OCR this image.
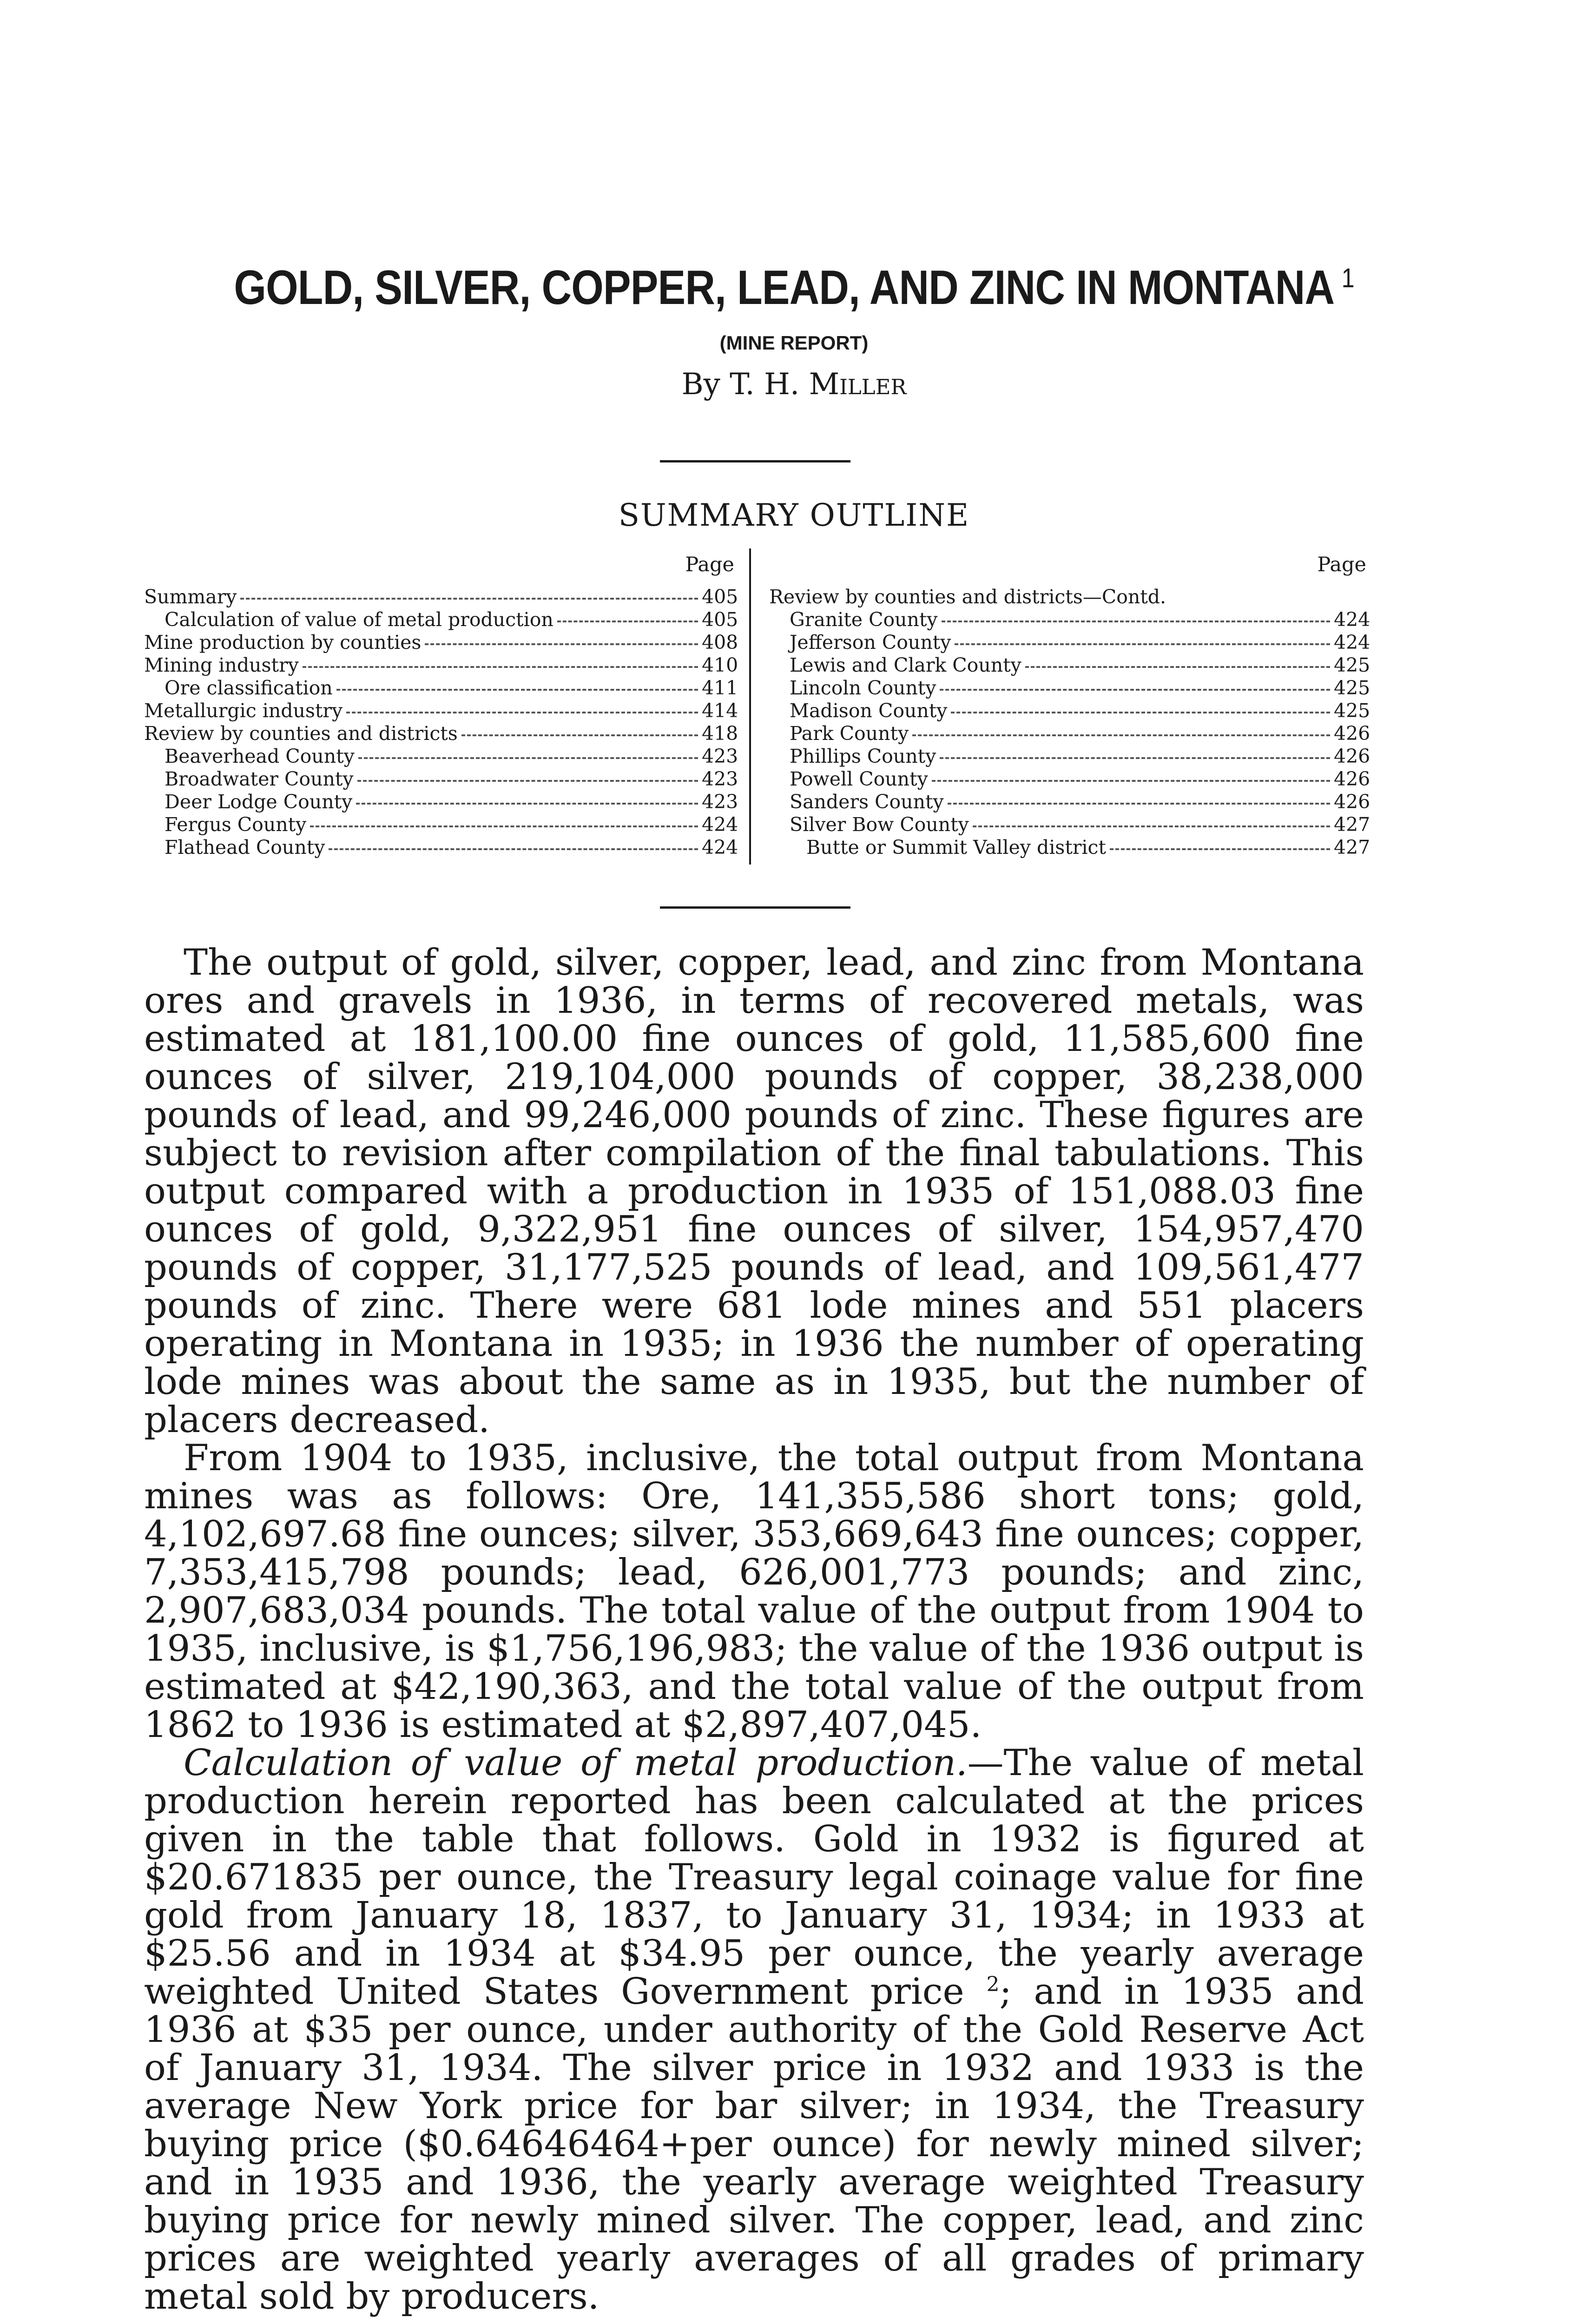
GOLD, SILVER, COPPER, LEAD, AND ZINC IN MONTANA $^1$
(MINE REPORT)
By T. H. Miller
SUMMARY OUTLINE
Page
Summary	405
Calculation of value of metal production	405
Mine production by counties	408
Mining industry	410
Ore classification	411
Metallurgic industry	414
Review by counties and districts	418
Beaverhead County	423
Broadwater County	423
Deer Lodge County	423
Fergus County	424
Flathead County	424
Page
Review by counties and districts—Contd.
Granite County	424
Jefferson County	424
Lewis and Clark County	425
Lincoln County	425
Madison County	425
Park County	426
Phillips County	426
Powell County	426
Sanders County	426
Silver Bow County	427
Butte or Summit Valley district	427

The output of gold, silver, copper, lead, and zinc from Montana ores and gravels in 1936, in terms of recovered metals, was estimated at 181,100.00 fine ounces of gold, 11,585,600 fine ounces of silver, 219,104,000 pounds of copper, 38,238,000 pounds of lead, and 99,246,000 pounds of zinc. These figures are subject to revision after compilation of the final tabulations. This output compared with a production in 1935 of 151,088.03 fine ounces of gold, 9,322,951 fine ounces of silver, 154,957,470 pounds of copper, 31,177,525 pounds of lead, and 109,561,477 pounds of zinc. There were 681 lode mines and 551 placers operating in Montana in 1935; in 1936 the number of operating lode mines was about the same as in 1935, but the number of placers decreased.

From 1904 to 1935, inclusive, the total output from Montana mines was as follows: Ore, 141,355,586 short tons; gold, 4,102,697.68 fine ounces; silver, 353,669,643 fine ounces; copper, 7,353,415,798 pounds; lead, 626,001,773 pounds; and zinc, 2,907,683,034 pounds. The total value of the output from 1904 to 1935, inclusive, is $1,756,196,983; the value of the 1936 output is estimated at $42,190,363, and the total value of the output from 1862 to 1936 is estimated at $2,897,407,045.

Calculation of value of metal production.—The value of metal production herein reported has been calculated at the prices given in the table that follows. Gold in 1932 is figured at $20.671835 per ounce, the Treasury legal coinage value for fine gold from January 18, 1837, to January 31, 1934; in 1933 at $25.56 and in 1934 at $34.95 per ounce, the yearly average weighted United States Government price $^2$; and in 1935 and 1936 at $35 per ounce, under authority of the Gold Reserve Act of January 31, 1934. The silver price in 1932 and 1933 is the average New York price for bar silver; in 1934, the Treasury buying price ($0.64646464+per ounce) for newly mined silver; and in 1935 and 1936, the yearly average weighted Treasury buying price for newly mined silver. The copper, lead, and zinc prices are weighted yearly averages of all grades of primary metal sold by producers.
